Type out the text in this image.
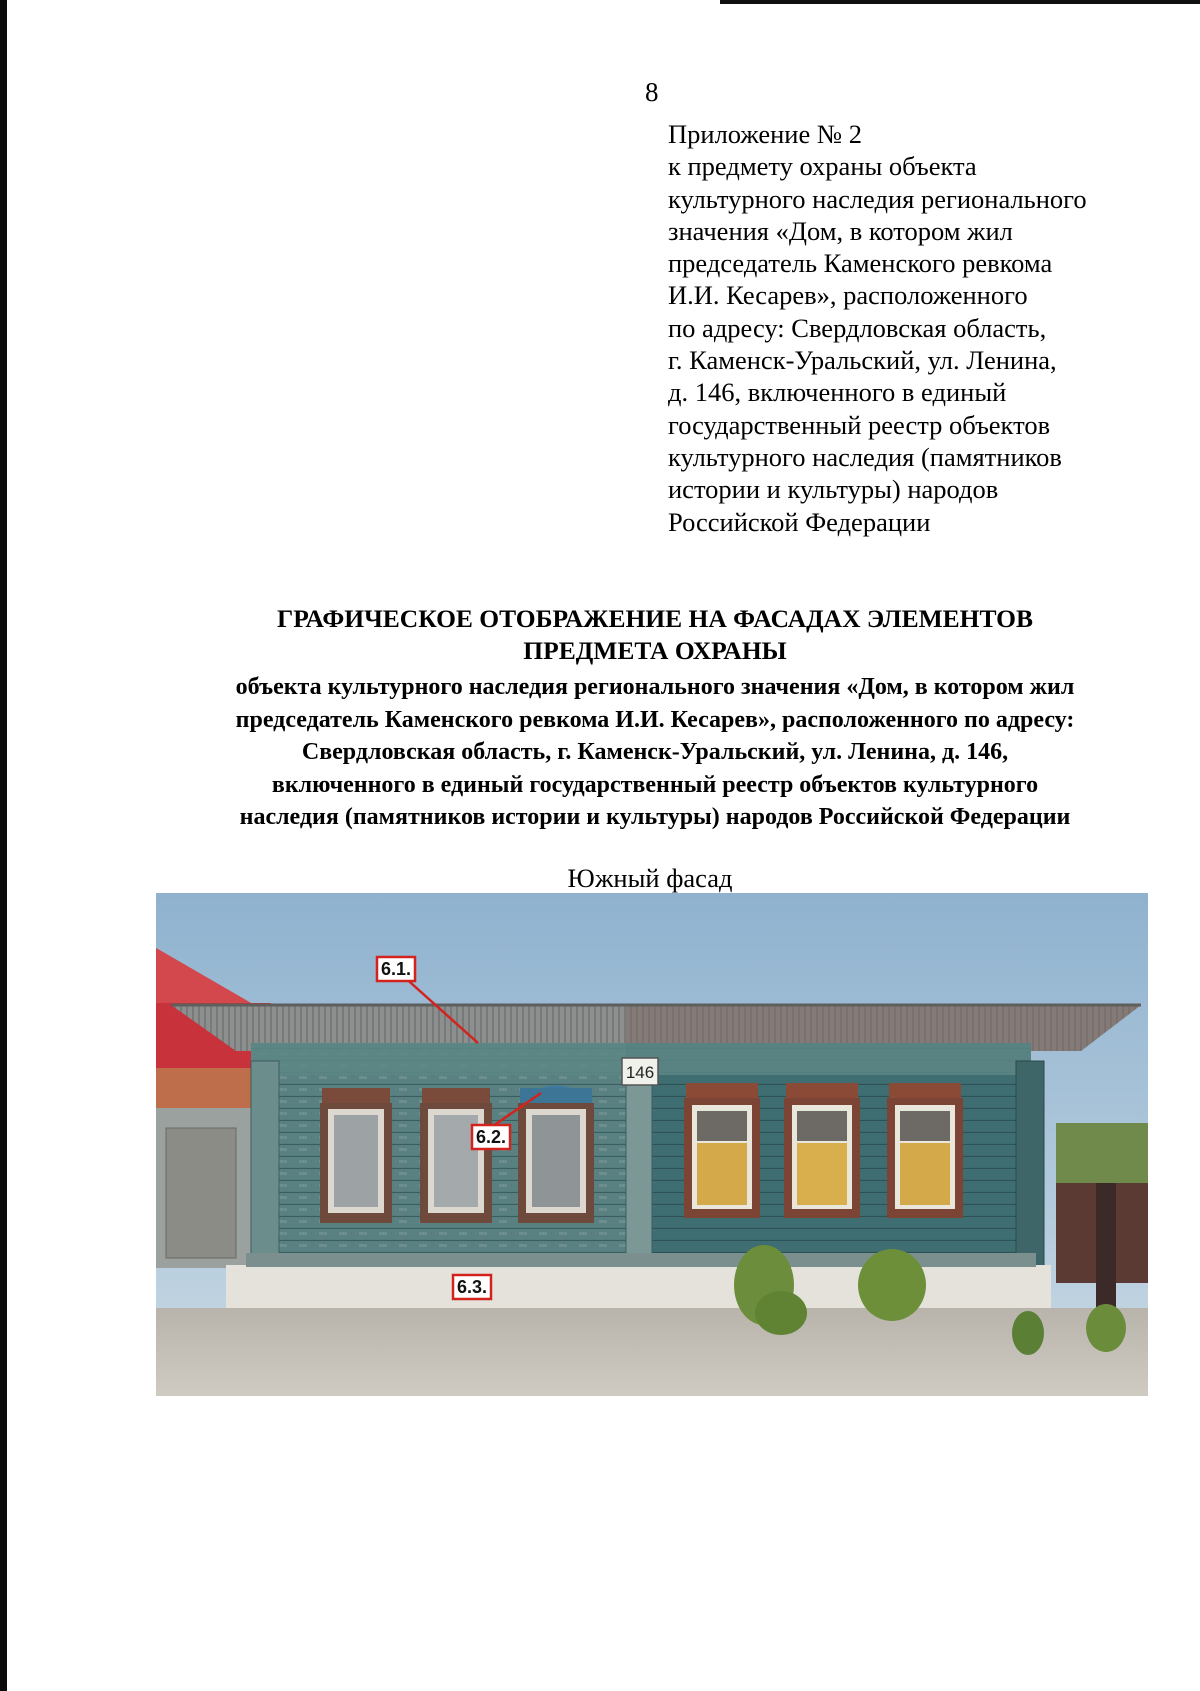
8
Приложение № 2
к предмету охраны объекта
культурного наследия регионального
значения «Дом, в котором жил
председатель Каменского ревкома
И.И. Кесарев», расположенного
по адресу: Свердловская область,
г. Каменск-Уральский, ул. Ленина,
д. 146, включенного в единый
государственный реестр объектов
культурного наследия (памятников
истории и культуры) народов
Российской Федерации
ГРАФИЧЕСКОЕ ОТОБРАЖЕНИЕ НА ФАСАДАХ ЭЛЕМЕНТОВ
ПРЕДМЕТА ОХРАНЫ
объекта культурного наследия регионального значения «Дом, в котором жил
председатель Каменского ревкома И.И. Кесарев», расположенного по адресу:
Свердловская область, г. Каменск-Уральский, ул. Ленина, д. 146,
включенного в единый государственный реестр объектов культурного
наследия (памятников истории и культуры) народов Российской Федерации
Южный фасад
146
6.1.
6.2.
6.3.
